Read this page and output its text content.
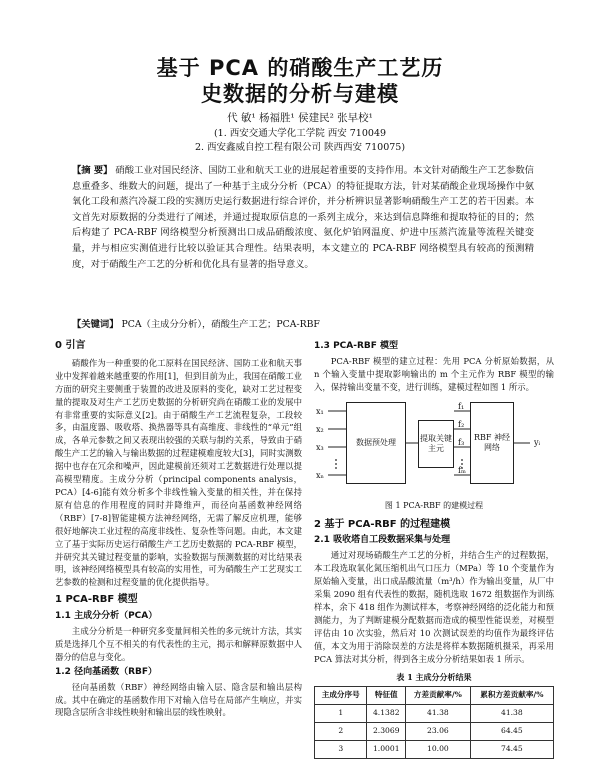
基于 PCA 的硝酸生产工艺历
史数据的分析与建模
代 敏¹ 杨福胜¹ 侯建民² 张早校¹
(1. 西安交通大学化工学院 西安 710049
2. 西安鑫威自控工程有限公司 陕西西安 710075)
【摘 要】 硝酸工业对国民经济、国防工业和航天工业的进展起着重要的支持作用。本文针对硝酸生产工艺参数信息重叠多、维数大的问题，提出了一种基于主成分分析（PCA）的特征提取方法，针对某硝酸企业现场操作中氨氧化工段和蒸汽冷凝工段的实测历史运行数据进行综合评价，并分析辨识显著影响硝酸生产工艺的若干因素。本文首先对原数据的分类进行了阐述，并通过提取原信息的一系列主成分，来达到信息降维和提取特征的目的；然后构建了 PCA-RBF 网络模型分析预测出口成品硝酸浓度、氨化炉铂网温度、炉进中压蒸汽流量等流程关键变量，并与相应实测值进行比较以验证其合理性。结果表明，本文建立的 PCA-RBF 网络模型具有较高的预测精度，对于硝酸生产工艺的分析和优化具有显著的指导意义。
【关键词】 PCA（主成分分析），硝酸生产工艺；PCA-RBF
0 引言

硝酸作为一种重要的化工原料在国民经济、国防工业和航天事业中发挥着越来越重要的作用[1]，但到目前为止，我国在硝酸工业方面的研究主要侧重于装置的改进及原料的变化，缺对工艺过程变量的提取及对生产工艺历史数据的分析研究尚在硝酸工业的发展中有非常重要的实际意义[2]。由于硝酸生产工艺流程复杂，工段较多，由温度器、吸收塔、换热器等具有高维度、非线性的“单元”组成，各单元参数之间又表现出较强的关联与制约关系，导致由于硝酸生产工艺的输入与输出数据的过程建模难度较大[3]，同时实测数据中也存在冗余和噪声，因此建模前还须对工艺数据进行处理以提高模型精度。主成分分析（principal components analysis，PCA）[4-6]能有效分析多个非线性输入变量的相关性，并在保持原有信息的作用程度的同时并降维声，而径向基函数神经网络（RBF）[7-8]智能建模方法神经网络，无需了解反应机理，能够很好地解决工业过程的高度非线性、复杂性等问题。由此，本文建立了基于实际历史运行硝酸生产工艺历史数据的 PCA-RBF 模型，并研究其关键过程变量的影响，实验数据与预测数据的对比结果表明，该神经网络模型具有较高的实用性，可为硝酸生产工艺现实工艺参数的检测和过程变量的优化提供指导。

1 PCA-RBF 模型
1.1 主成分分析（PCA）

主成分分析是一种研究多变量间相关性的多元统计方法，其实质是选择几个互不相关的有代表性的主元，揭示和解释原数据中人器分的信息与变化。

1.2 径向基函数（RBF）

径向基函数（RBF）神经网络由输入层、隐含层和输出层构成。其中在确定的基函数作用下对输入信号在局部产生响应，并实现隐含层所含非线性映射和输出层的线性映射。

1.3 PCA-RBF 模型

PCA-RBF 模型的建立过程：先用 PCA 分析原始数据，从 n 个输入变量中提取影响输出的 m 个主元作为 RBF 模型的输入，保持输出变量不变，进行训练，建模过程如图 1 所示。

x₁
x₂
x₃
xₙ
数据预处理	提取关键主元
f₁
f₂
f₃
fₘ
RBF 神经网络
yᵢ
图 1 PCA-RBF 的建模过程
2 基于 PCA-RBF 的过程建模
2.1 吸收塔自工段数据采集与处理

通过对现场硝酸生产工艺的分析，并结合生产的过程数据，本工段选取氧化氮压缩机出气口压力（MPa）等 10 个变量作为原始输入变量，出口成品酸流量（m³/h）作为输出变量，从厂中采集 2090 组有代表性的数据，随机选取 1672 组数据作为训练样本，余下 418 组作为测试样本，考察神经网络的泛化能力和预测能力，为了判断建模分配数据而造成的模型性能误差，对模型评估由 10 次实验，然后对 10 次测试误差的均值作为最终评估值，本文为用于消除误差的方法是将样本数据随机摄采，再采用 PCA 算法对其分析，得到各主成分分析结果如表 1 所示。

表 1 主成分分析结果
主成分序号	特征值	方差贡献率/%	累积方差贡献率/%
1	4.1382	41.38	41.38
2	2.3069	23.06	64.45
3	1.0001	10.00	74.45
